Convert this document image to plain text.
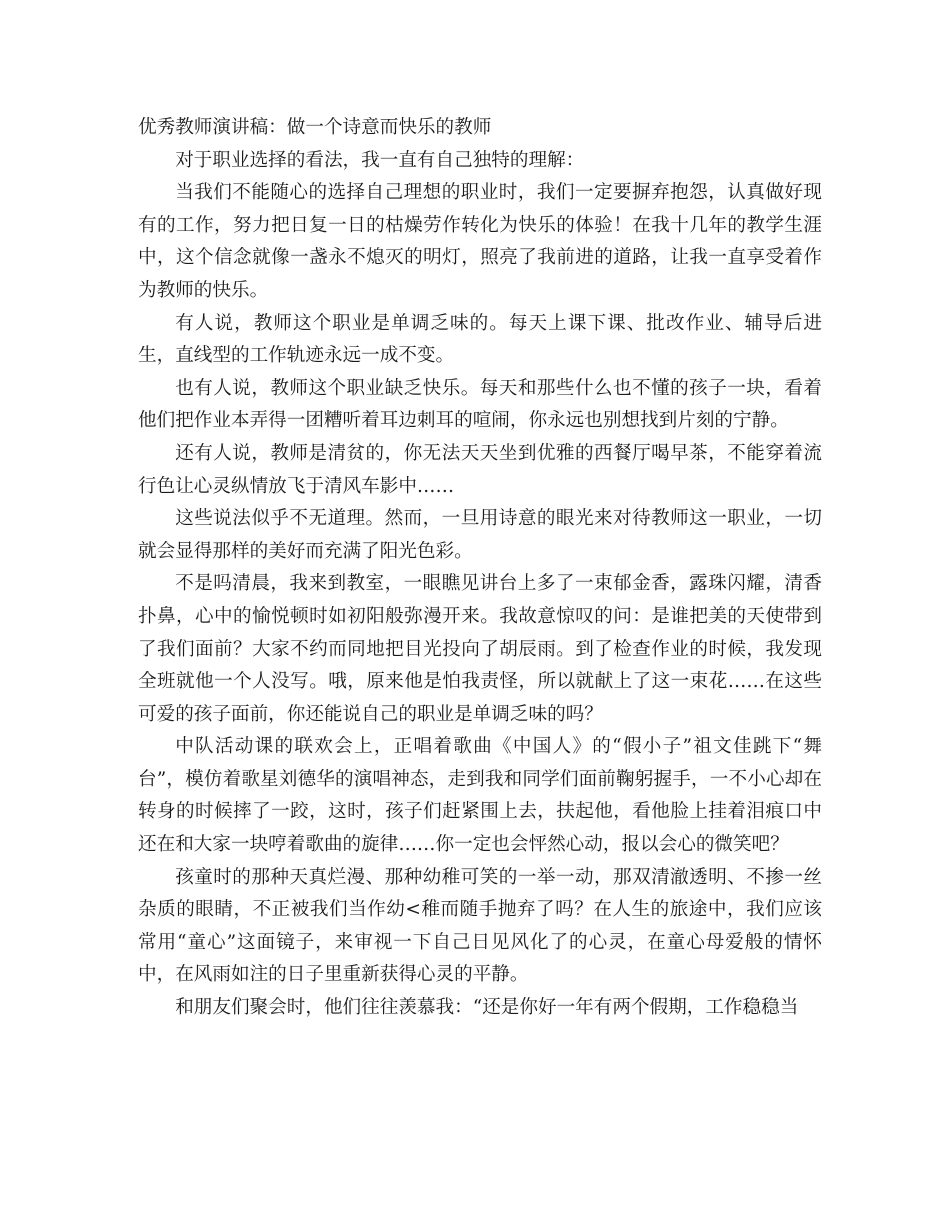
优秀教师演讲稿：做一个诗意而快乐的教师

对于职业选择的看法，我一直有自己独特的理解：

当我们不能随心的选择自己理想的职业时，我们一定要摒弃抱怨，认真做好现有的工作，努力把日复一日的枯燥劳作转化为快乐的体验！在我十几年的教学生涯中，这个信念就像一盏永不熄灭的明灯，照亮了我前进的道路，让我一直享受着作为教师的快乐。

有人说，教师这个职业是单调乏味的。每天上课下课、批改作业、辅导后进生，直线型的工作轨迹永远一成不变。

也有人说，教师这个职业缺乏快乐。每天和那些什么也不懂的孩子一块，看着他们把作业本弄得一团糟听着耳边刺耳的喧闹，你永远也别想找到片刻的宁静。

还有人说，教师是清贫的，你无法天天坐到优雅的西餐厅喝早茶，不能穿着流行色让心灵纵情放飞于清风车影中……

这些说法似乎不无道理。然而，一旦用诗意的眼光来对待教师这一职业，一切就会显得那样的美好而充满了阳光色彩。

不是吗清晨，我来到教室，一眼瞧见讲台上多了一束郁金香，露珠闪耀，清香扑鼻，心中的愉悦顿时如初阳般弥漫开来。我故意惊叹的问：是谁把美的天使带到了我们面前？大家不约而同地把目光投向了胡辰雨。到了检查作业的时候，我发现全班就他一个人没写。哦，原来他是怕我责怪，所以就献上了这一束花……在这些可爱的孩子面前，你还能说自己的职业是单调乏味的吗？

中队活动课的联欢会上，正唱着歌曲《中国人》的“假小子”祖文佳跳下“舞台”，模仿着歌星刘德华的演唱神态，走到我和同学们面前鞠躬握手，一不小心却在转身的时候摔了一跤，这时，孩子们赶紧围上去，扶起他，看他脸上挂着泪痕口中还在和大家一块哼着歌曲的旋律……你一定也会怦然心动，报以会心的微笑吧？

孩童时的那种天真烂漫、那种幼稚可笑的一举一动，那双清澈透明、不掺一丝杂质的眼睛，不正被我们当作幼<稚而随手抛弃了吗？在人生的旅途中，我们应该常用“童心”这面镜子，来审视一下自己日见风化了的心灵，在童心母爱般的情怀中，在风雨如注的日子里重新获得心灵的平静。

和朋友们聚会时，他们往往羡慕我：“还是你好一年有两个假期，工作稳稳当
